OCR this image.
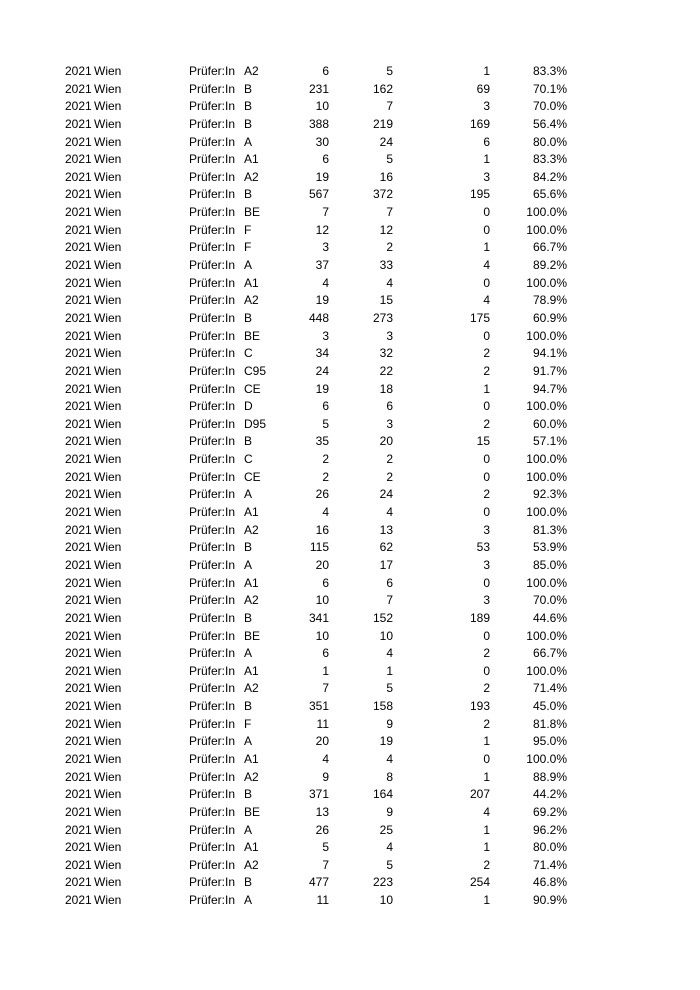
2021 Wien	Prüfer:In A2	6	5	1	83.3%
2021 Wien	Prüfer:In B	231	162	69	70.1%
2021 Wien	Prüfer:In B	10	7	3	70.0%
2021 Wien	Prüfer:In B	388	219	169	56.4%
2021 Wien	Prüfer:In A	30	24	6	80.0%
2021 Wien	Prüfer:In A1	6	5	1	83.3%
2021 Wien	Prüfer:In A2	19	16	3	84.2%
2021 Wien	Prüfer:In B	567	372	195	65.6%
2021 Wien	Prüfer:In BE	7	7	0	100.0%
2021 Wien	Prüfer:In F	12	12	0	100.0%
2021 Wien	Prüfer:In F	3	2	1	66.7%
2021 Wien	Prüfer:In A	37	33	4	89.2%
2021 Wien	Prüfer:In A1	4	4	0	100.0%
2021 Wien	Prüfer:In A2	19	15	4	78.9%
2021 Wien	Prüfer:In B	448	273	175	60.9%
2021 Wien	Prüfer:In BE	3	3	0	100.0%
2021 Wien	Prüfer:In C	34	32	2	94.1%
2021 Wien	Prüfer:In C95	24	22	2	91.7%
2021 Wien	Prüfer:In CE	19	18	1	94.7%
2021 Wien	Prüfer:In D	6	6	0	100.0%
2021 Wien	Prüfer:In D95	5	3	2	60.0%
2021 Wien	Prüfer:In B	35	20	15	57.1%
2021 Wien	Prüfer:In C	2	2	0	100.0%
2021 Wien	Prüfer:In CE	2	2	0	100.0%
2021 Wien	Prüfer:In A	26	24	2	92.3%
2021 Wien	Prüfer:In A1	4	4	0	100.0%
2021 Wien	Prüfer:In A2	16	13	3	81.3%
2021 Wien	Prüfer:In B	115	62	53	53.9%
2021 Wien	Prüfer:In A	20	17	3	85.0%
2021 Wien	Prüfer:In A1	6	6	0	100.0%
2021 Wien	Prüfer:In A2	10	7	3	70.0%
2021 Wien	Prüfer:In B	341	152	189	44.6%
2021 Wien	Prüfer:In BE	10	10	0	100.0%
2021 Wien	Prüfer:In A	6	4	2	66.7%
2021 Wien	Prüfer:In A1	1	1	0	100.0%
2021 Wien	Prüfer:In A2	7	5	2	71.4%
2021 Wien	Prüfer:In B	351	158	193	45.0%
2021 Wien	Prüfer:In F	11	9	2	81.8%
2021 Wien	Prüfer:In A	20	19	1	95.0%
2021 Wien	Prüfer:In A1	4	4	0	100.0%
2021 Wien	Prüfer:In A2	9	8	1	88.9%
2021 Wien	Prüfer:In B	371	164	207	44.2%
2021 Wien	Prüfer:In BE	13	9	4	69.2%
2021 Wien	Prüfer:In A	26	25	1	96.2%
2021 Wien	Prüfer:In A1	5	4	1	80.0%
2021 Wien	Prüfer:In A2	7	5	2	71.4%
2021 Wien	Prüfer:In B	477	223	254	46.8%
2021 Wien	Prüfer:In A	11	10	1	90.9%
